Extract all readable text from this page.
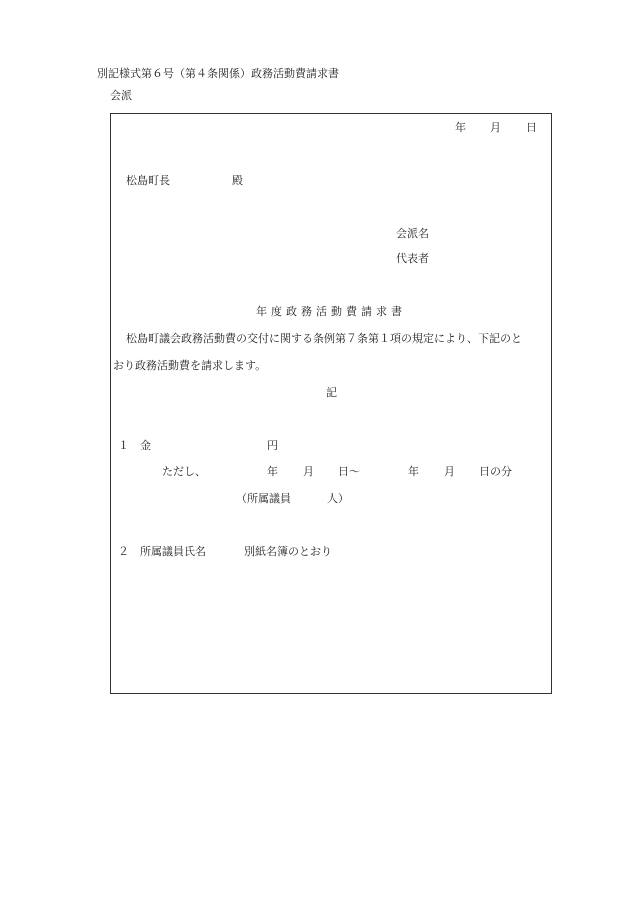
別記様式第６号（第４条関係）政務活動費請求書
会派
年 月 日
松島町長	殿
会派名
代表者
年度政務活動費請求書
松島町議会政務活動費の交付に関する条例第７条第１項の規定により、下記のと
おり政務活動費を請求します。
記
１ 金	円
ただし、	年 月 日～	年 月 日の分
（所属議員	人）
２ 所属議員氏名	別紙名簿のとおり
